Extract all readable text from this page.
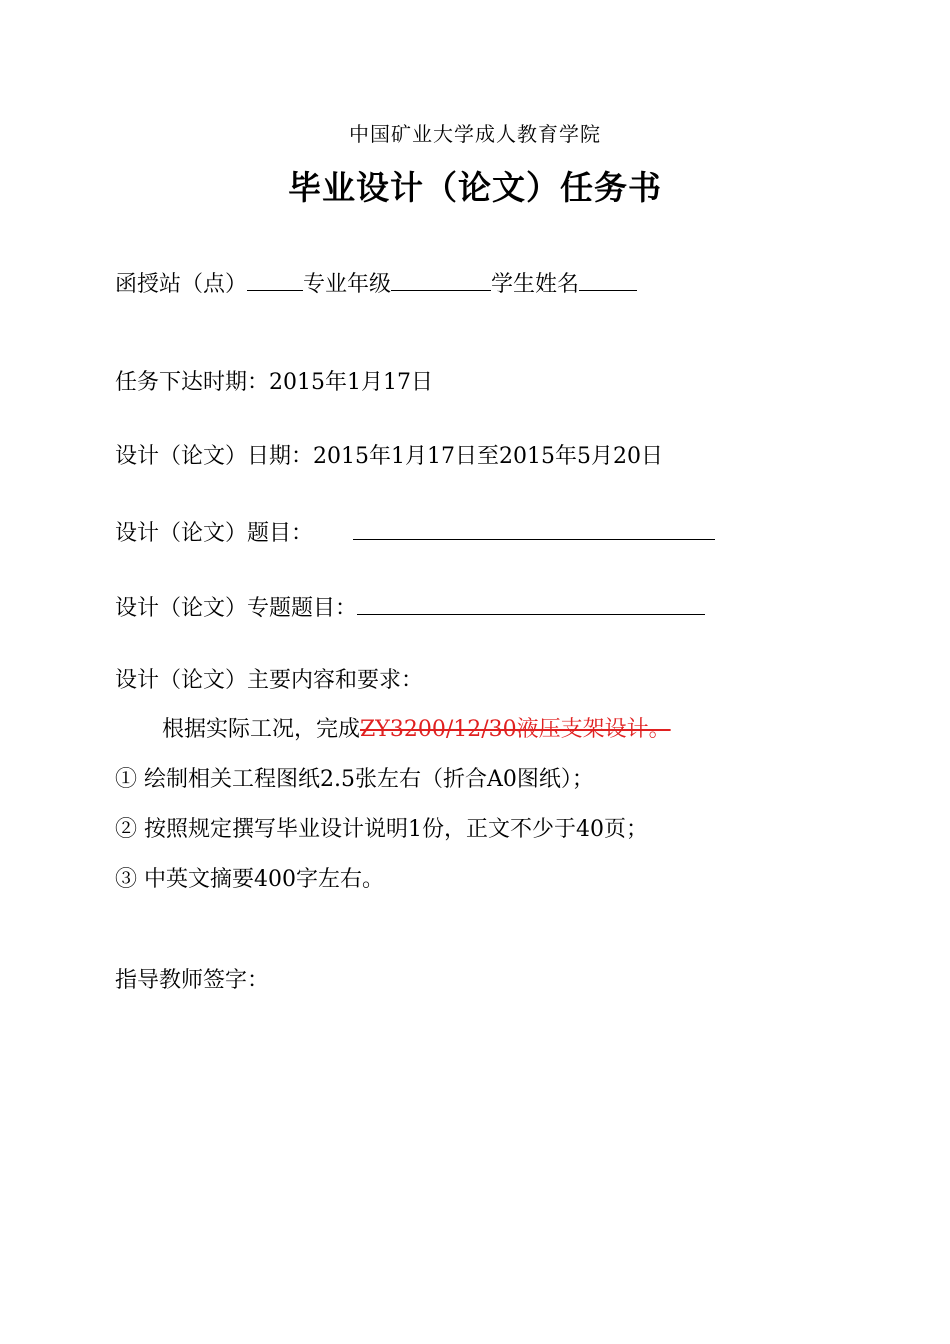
中国矿业大学成人教育学院
毕业设计（论文）任务书
函授站（点）	专业年级	学生姓名
任务下达时期：2015年1月17日
设计（论文）日期：2015年1月17日至2015年5月20日
设计（论文）题目：
设计（论文）专题题目：
设计（论文）主要内容和要求：
根据实际工况，完成ZY3200/12/30液压支架设计。
① 绘制相关工程图纸2.5张左右（折合A0图纸）；
② 按照规定撰写毕业设计说明1份，正文不少于40页；
③ 中英文摘要400字左右。
指导教师签字：
